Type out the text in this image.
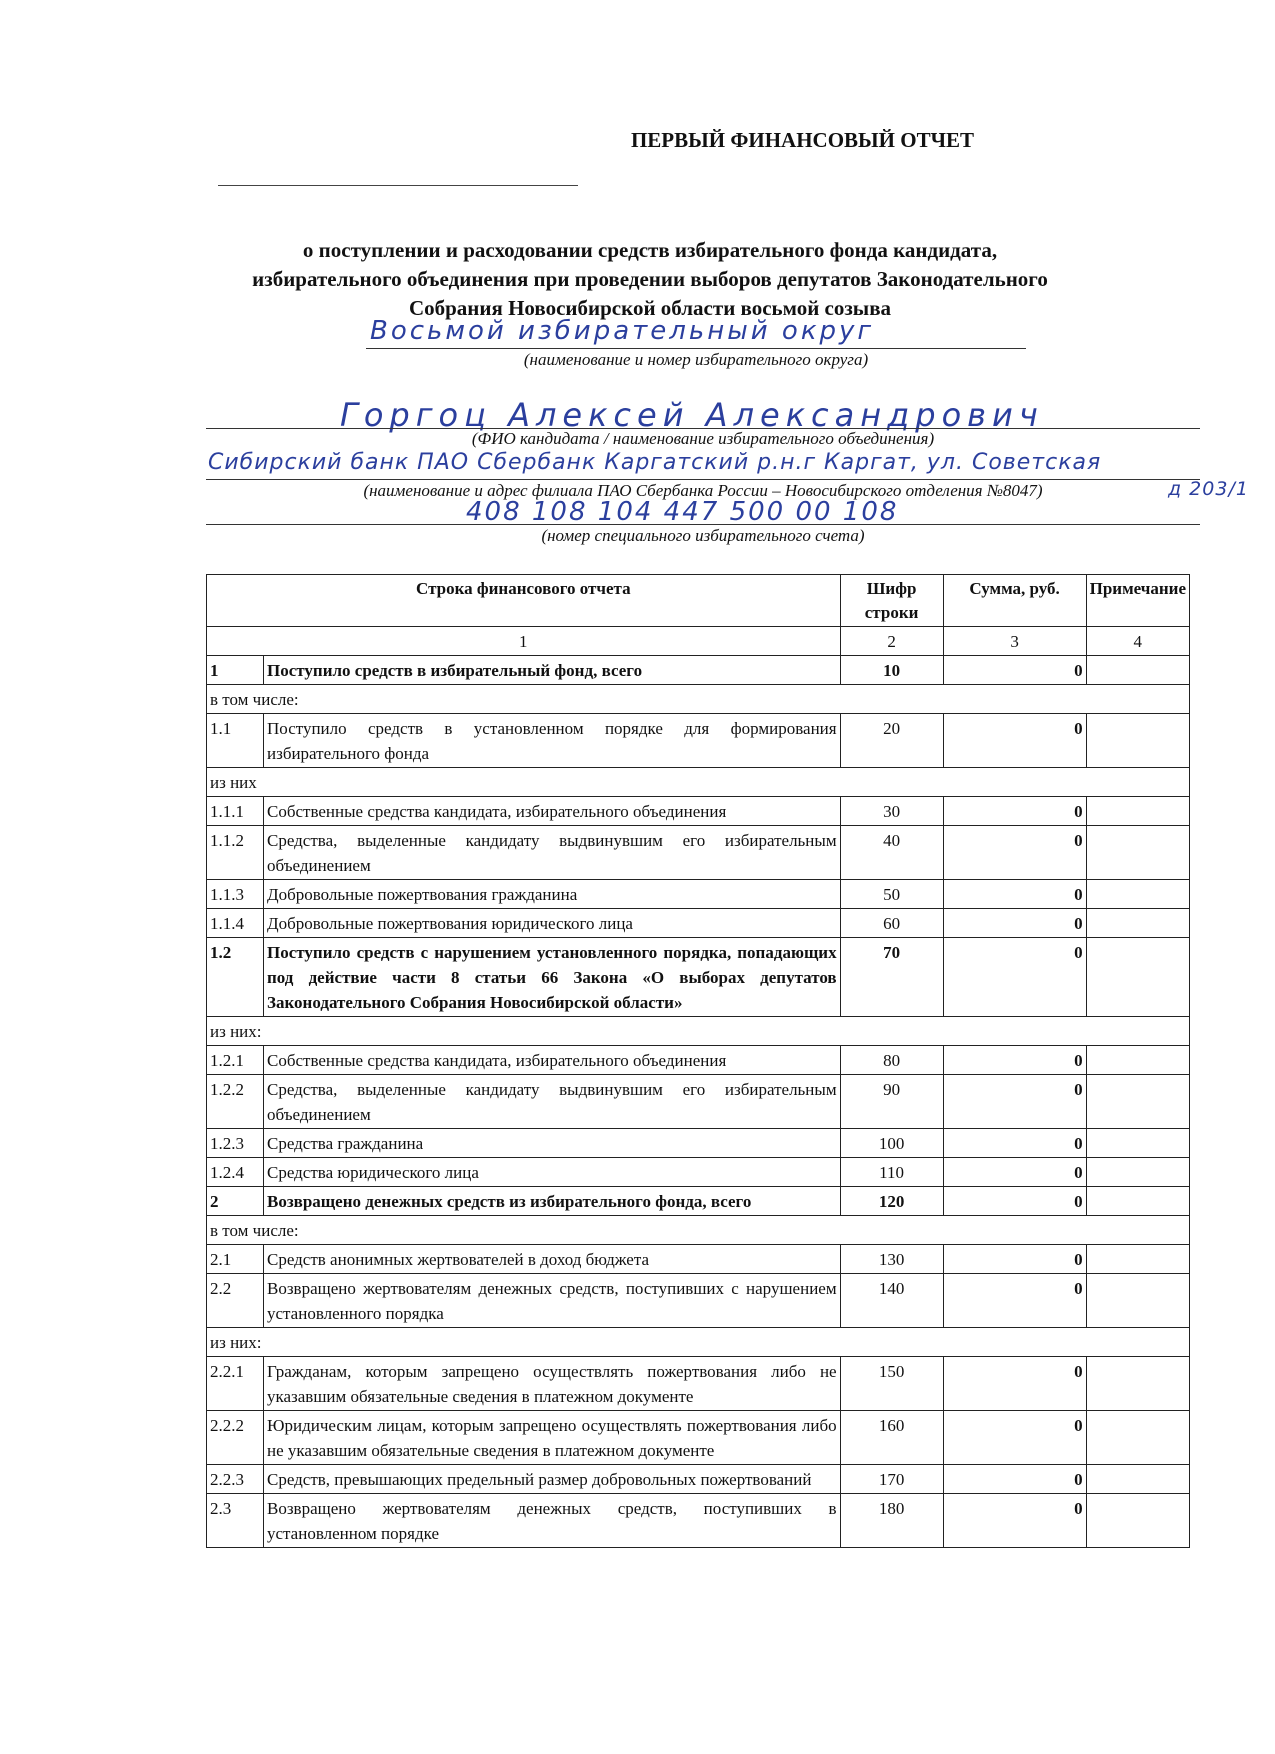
ПЕРВЫЙ ФИНАНСОВЫЙ ОТЧЕТ
о поступлении и расходовании средств избирательного фонда кандидата,
избирательного объединения при проведении выборов депутатов Законодательного
Собрания Новосибирской области восьмой созыва
Восьмой избирательный округ
(наименование и номер избирательного округа)
Горгоц Алексей Александрович
(ФИО кандидата / наименование избирательного объединения)
Сибирский банк ПАО Сбербанк Каргатский р.н.г Каргат, ул. Советская
д 203/1
(наименование и адрес филиала ПАО Сбербанка России – Новосибирского отделения №8047)
408 108 104 447 500 00 108
(номер специального избирательного счета)
Строка финансового отчета		Шифр строки	Сумма, руб.	Примечание
1		2	3	4
1	Поступило средств в избирательный фонд, всего	10	0	
в том числе:				
1.1	Поступило средств в установленном порядке для формирования избирательного фонда	20	0	
из них				
1.1.1	Собственные средства кандидата, избирательного объединения	30	0	
1.1.2	Средства, выделенные кандидату выдвинувшим его избирательным объединением	40	0	
1.1.3	Добровольные пожертвования гражданина	50	0	
1.1.4	Добровольные пожертвования юридического лица	60	0	
1.2	Поступило средств с нарушением установленного порядка, попадающих под действие части 8 статьи 66 Закона «О выборах депутатов Законодательного Собрания Новосибирской области»	70	0	
из них:				
1.2.1	Собственные средства кандидата, избирательного объединения	80	0	
1.2.2	Средства, выделенные кандидату выдвинувшим его избирательным объединением	90	0	
1.2.3	Средства гражданина	100	0	
1.2.4	Средства юридического лица	110	0	
2	Возвращено денежных средств из избирательного фонда, всего	120	0	
в том числе:				
2.1	Средств анонимных жертвователей в доход бюджета	130	0	
2.2	Возвращено жертвователям денежных средств, поступивших с нарушением установленного порядка	140	0	
из них:				
2.2.1	Гражданам, которым запрещено осуществлять пожертвования либо не указавшим обязательные сведения в платежном документе	150	0	
2.2.2	Юридическим лицам, которым запрещено осуществлять пожертвования либо не указавшим обязательные сведения в платежном документе	160	0	
2.2.3	Средств, превышающих предельный размер добровольных пожертвований	170	0	
2.3	Возвращено жертвователям денежных средств, поступивших в установленном порядке	180	0	
